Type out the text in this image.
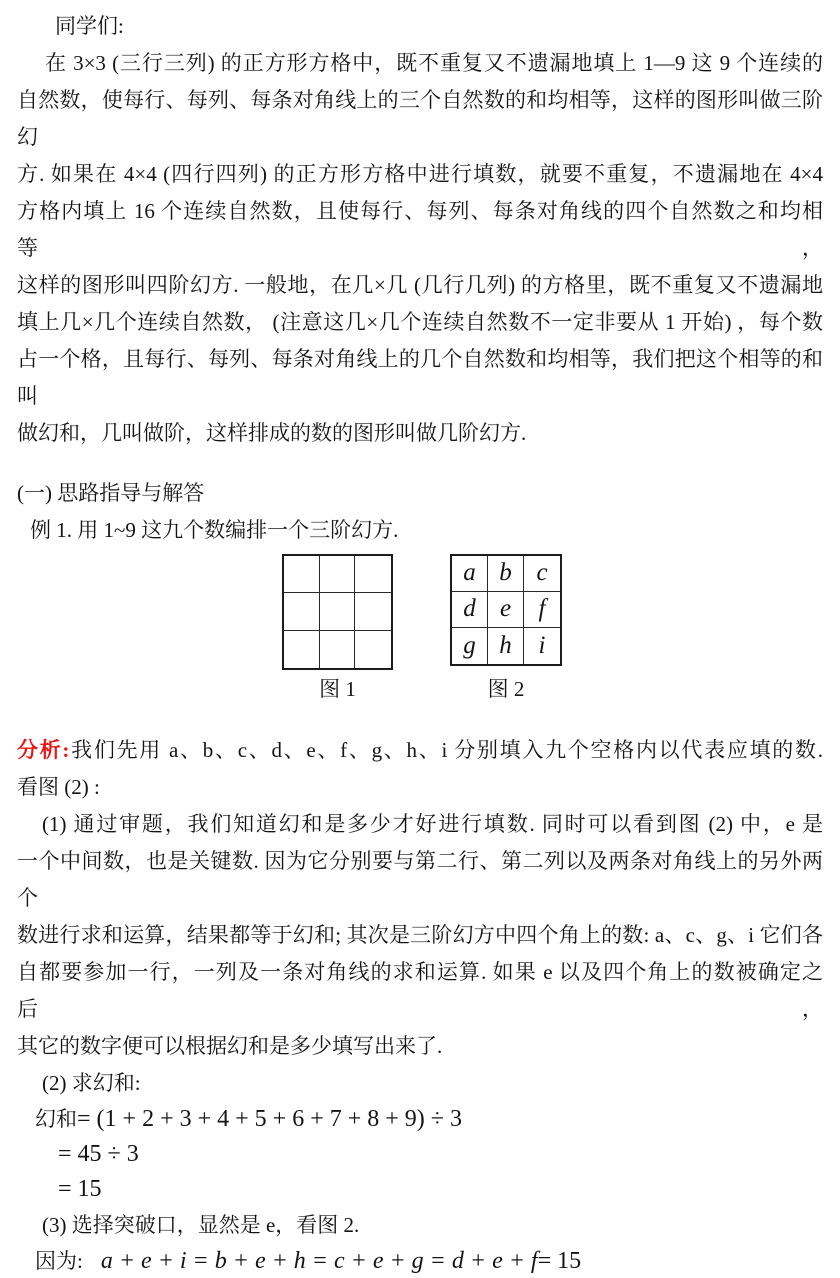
同学们:
在 3×3 (三行三列) 的正方形方格中，既不重复又不遗漏地填上 1—9 这 9 个连续的
自然数，使每行、每列、每条对角线上的三个自然数的和均相等，这样的图形叫做三阶幻
方. 如果在 4×4 (四行四列) 的正方形方格中进行填数，就要不重复，不遗漏地在 4×4
方格内填上 16 个连续自然数，且使每行、每列、每条对角线的四个自然数之和均相等，
这样的图形叫四阶幻方. 一般地，在几×几 (几行几列) 的方格里，既不重复又不遗漏地
填上几×几个连续自然数， (注意这几×几个连续自然数不一定非要从 1 开始) ，每个数
占一个格，且每行、每列、每条对角线上的几个自然数和均相等，我们把这个相等的和叫
做幻和，几叫做阶，这样排成的数的图形叫做几阶幻方.
(一) 思路指导与解答
例 1. 用 1~9 这九个数编排一个三阶幻方.
a b c
d e	f
g h	i
图 1	图 2
分析:我们先用 a、b、c、d、e、f、g、h、i 分别填入九个空格内以代表应填的数.
看图 (2) :
(1) 通过审题，我们知道幻和是多少才好进行填数. 同时可以看到图 (2) 中，e 是
一个中间数，也是关键数. 因为它分别要与第二行、第二列以及两条对角线上的另外两个
数进行求和运算，结果都等于幻和; 其次是三阶幻方中四个角上的数: a、c、g、i 它们各
自都要参加一行，一列及一条对角线的求和运算. 如果 e 以及四个角上的数被确定之后，
其它的数字便可以根据幻和是多少填写出来了.
(2) 求幻和:
幻和= (1 + 2 + 3 + 4 + 5 + 6 + 7 + 8 + 9) ÷ 3
= 45 ÷ 3
= 15
(3) 选择突破口，显然是 e，看图 2.
因为: a + e + i = b + e + h = c + e + g = d + e + f= 15
